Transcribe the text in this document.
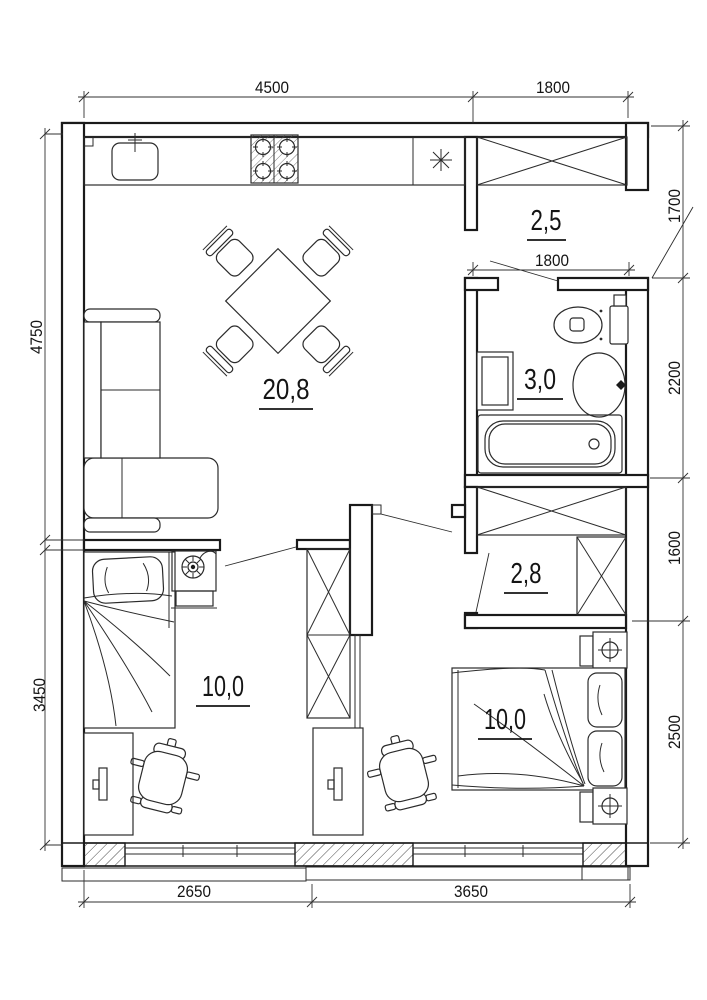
4500	1800
1800
1700
2200
1600
2500
4750
3450
2650	3650
2,5
20,8	3,0
2,8
10,0
10,0
